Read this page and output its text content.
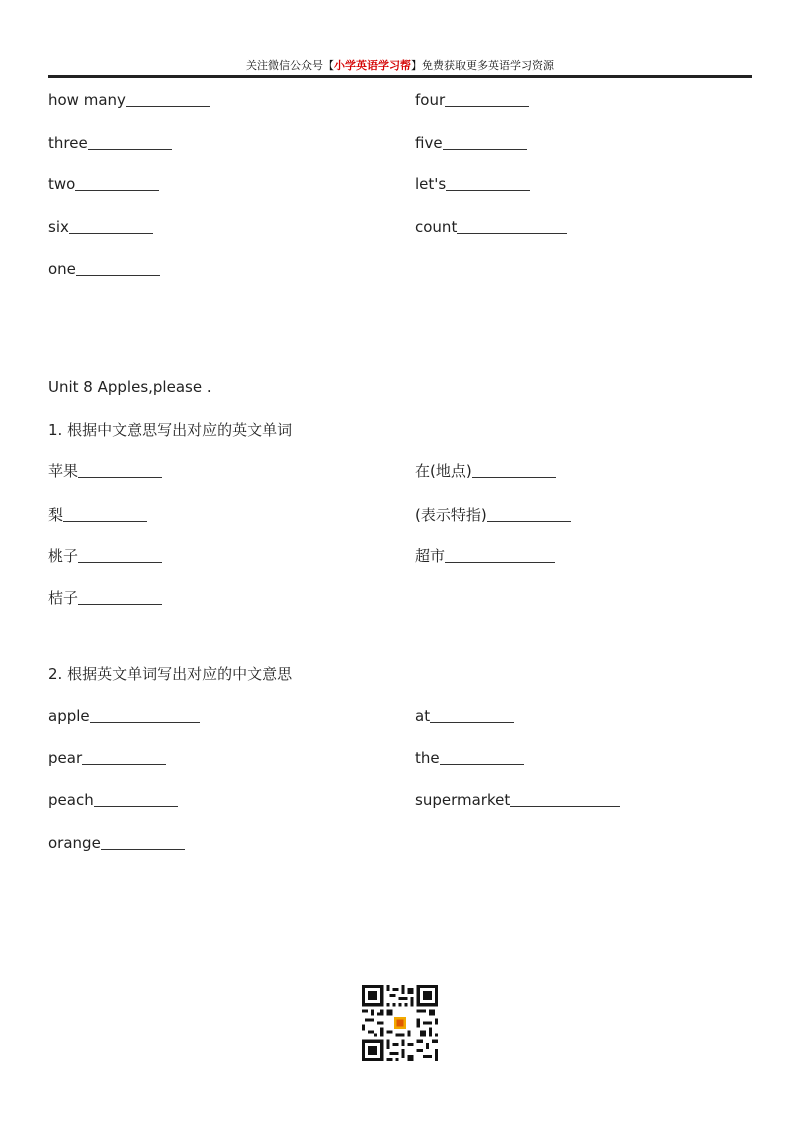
关注微信公众号【小学英语学习帮】免费获取更多英语学习资源
how many
three
two
six
one
four
five
let's
count
Unit 8 Apples,please .
1. 根据中文意思写出对应的英文单词
苹果
梨
桃子
桔子
在(地点)
(表示特指)
超市
2. 根据英文单词写出对应的中文意思
apple
pear
peach
orange
at
the
supermarket
